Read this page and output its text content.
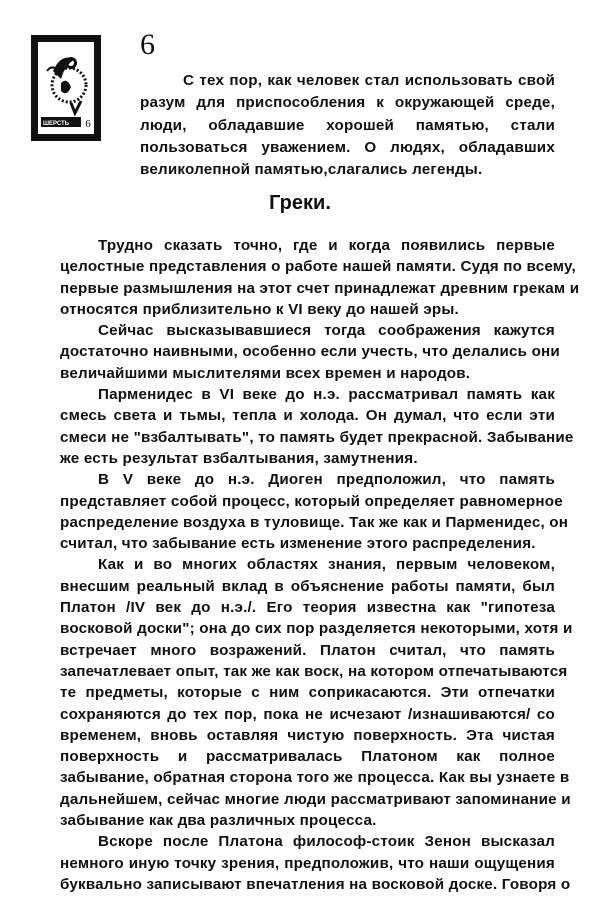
ШЕРСТЬ 6
6
С тех пор, как человек стал использовать свой
разум для приспособления к окружающей среде,
люди, обладавшие хорошей памятью, стали
пользоваться уважением. О людях, обладавших
великолепной памятью,слагались легенды.
Греки.
Трудно сказать точно, где и когда появились первые
целостные представления о работе нашей памяти. Судя по всему,
первые размышления на этот счет принадлежат древним грекам и
относятся приблизительно к VI веку до нашей эры.
Сейчас высказывавшиеся тогда соображения кажутся
достаточно наивными, особенно если учесть, что делались они
величайшими мыслителями всех времен и народов.
Парменидес в VI веке до н.э. рассматривал память как
смесь света и тьмы, тепла и холода. Он думал, что если эти
смеси не "взбалтывать", то память будет прекрасной. Забывание
же есть результат взбалтывания, замутнения.
В V веке до н.э. Диоген предположил, что память
представляет собой процесс, который определяет равномерное
распределение воздуха в туловище. Так же как и Парменидес, он
считал, что забывание есть изменение этого распределения.
Как и во многих областях знания, первым человеком,
внесшим реальный вклад в объяснение работы памяти, был
Платон /IV век до н.э./. Его теория известна как "гипотеза
восковой доски"; она до сих пор разделяется некоторыми, хотя и
встречает много возражений. Платон считал, что память
запечатлевает опыт, так же как воск, на котором отпечатываются
те предметы, которые с ним соприкасаются. Эти отпечатки
сохраняются до тех пор, пока не исчезают /изнашиваются/ со
временем, вновь оставляя чистую поверхность. Эта чистая
поверхность и рассматривалась Платоном как полное
забывание, обратная сторона того же процесса. Как вы узнаете в
дальнейшем, сейчас многие люди рассматривают запоминание и
забывание как два различных процесса.
Вскоре после Платона философ-стоик Зенон высказал
немного иную точку зрения, предположив, что наши ощущения
буквально записывают впечатления на восковой доске. Говоря о
